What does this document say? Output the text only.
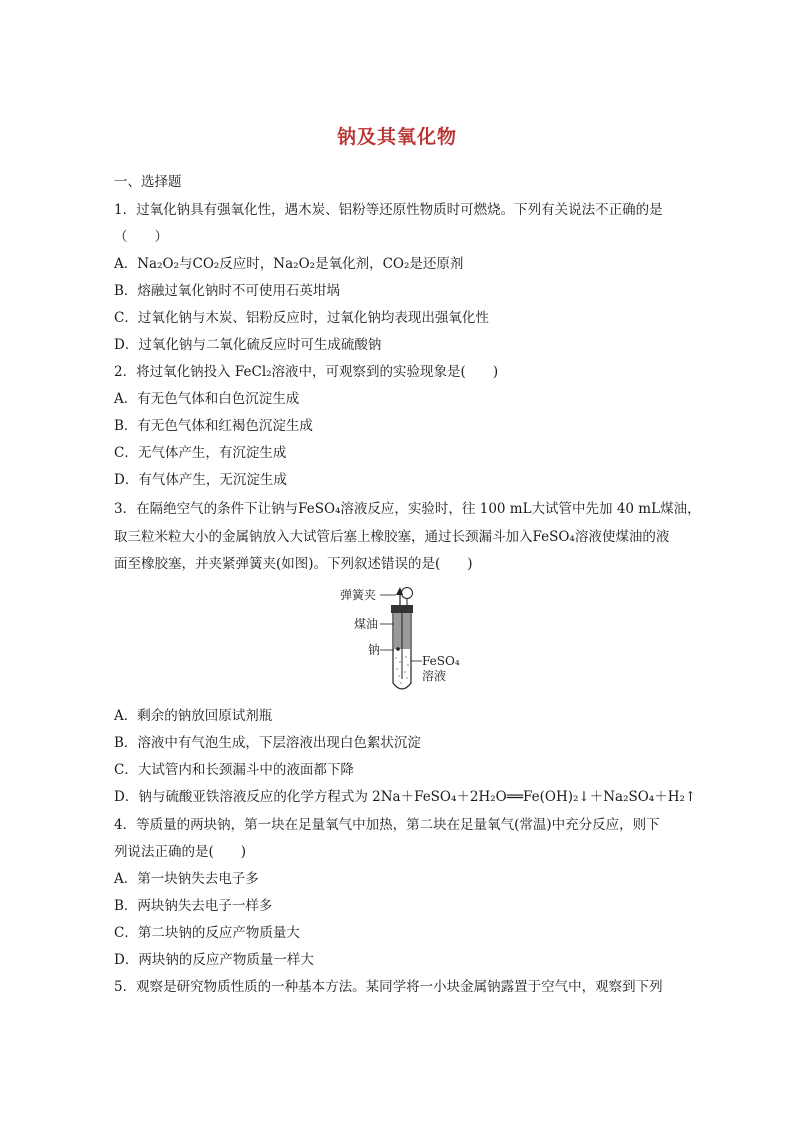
钠及其氧化物
一、选择题
1．过氧化钠具有强氧化性，遇木炭、铝粉等还原性物质时可燃烧。下列有关说法不正确的是
（　　）
A．Na₂O₂与CO₂反应时，Na₂O₂是氧化剂，CO₂是还原剂
B．熔融过氧化钠时不可使用石英坩埚
C．过氧化钠与木炭、铝粉反应时，过氧化钠均表现出强氧化性
D．过氧化钠与二氧化硫反应时可生成硫酸钠
2．将过氧化钠投入 FeCl₂溶液中，可观察到的实验现象是(　　)
A．有无色气体和白色沉淀生成
B．有无色气体和红褐色沉淀生成
C．无气体产生，有沉淀生成
D．有气体产生，无沉淀生成
3．在隔绝空气的条件下让钠与FeSO₄溶液反应，实验时，往 100 mL大试管中先加 40 mL煤油，
取三粒米粒大小的金属钠放入大试管后塞上橡胶塞，通过长颈漏斗加入FeSO₄溶液使煤油的液
面至橡胶塞，并夹紧弹簧夹(如图)。下列叙述错误的是(　　)
弹簧夹
煤油
钠
FeSO₄
溶液
A．剩余的钠放回原试剂瓶
B．溶液中有气泡生成，下层溶液出现白色絮状沉淀
C．大试管内和长颈漏斗中的液面都下降
D．钠与硫酸亚铁溶液反应的化学方程式为 2Na＋FeSO₄＋2H₂O══Fe(OH)₂↓＋Na₂SO₄＋H₂↑
4．等质量的两块钠，第一块在足量氧气中加热，第二块在足量氧气(常温)中充分反应，则下
列说法正确的是(　　)
A．第一块钠失去电子多
B．两块钠失去电子一样多
C．第二块钠的反应产物质量大
D．两块钠的反应产物质量一样大
5．观察是研究物质性质的一种基本方法。某同学将一小块金属钠露置于空气中，观察到下列
